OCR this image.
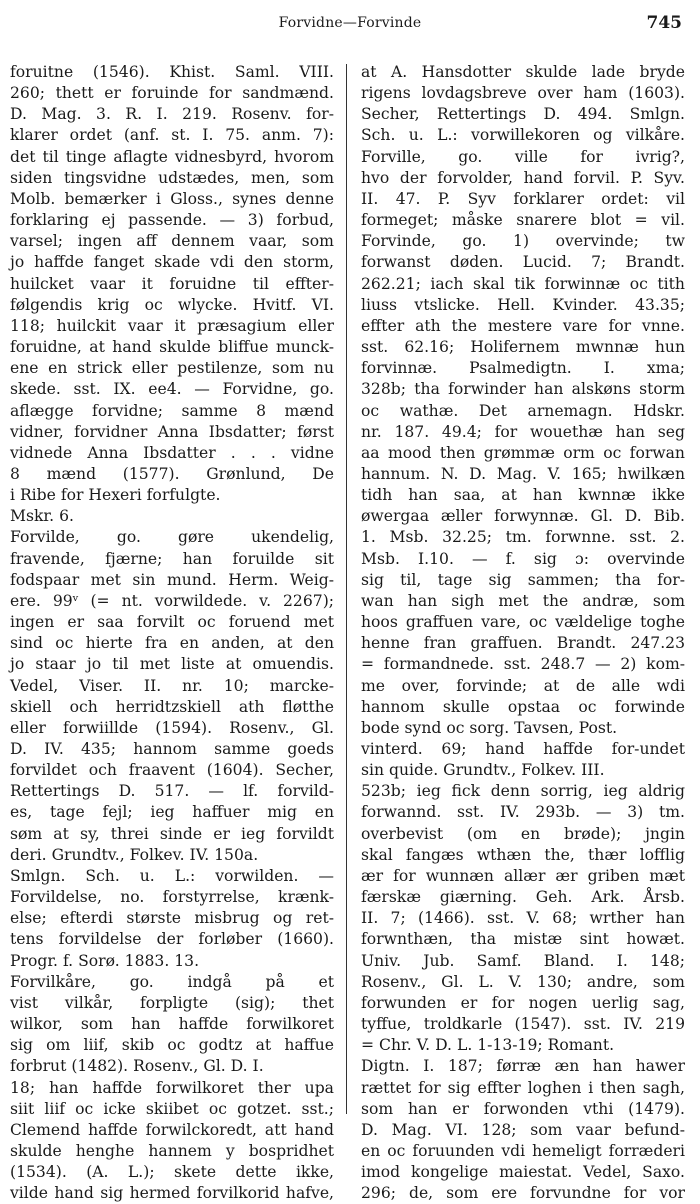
Forvidne—Forvinde	745
foruitne (1546). Khist. Saml. VIII.
260; thett er foruinde for sandmænd.
D. Mag. 3. R. I. 219. Rosenv. for-
klarer ordet (anf. st. I. 75. anm. 7):
det til tinge aflagte vidnesbyrd, hvorom
siden tingsvidne udstædes, men, som
Molb. bemærker i Gloss., synes denne
forklaring ej passende. — 3) forbud,
varsel; ingen aff dennem vaar, som
jo haffde fanget skade vdi den storm,
huilcket vaar it foruidne til effter-
følgendis krig oc wlycke. Hvitf. VI.
118; huilckit vaar it præsagium eller
foruidne, at hand skulde bliffue munck-
ene en strick eller pestilenze, som nu
skede. sst. IX. ee4. — Forvidne, go.
aflægge forvidne; samme 8 mænd
vidner, forvidner Anna Ibsdatter; først
vidnede Anna Ibsdatter . . . vidne
8 mænd (1577). Grønlund, De
i Ribe for Hexeri forfulgte.
Mskr. 6.
Forvilde, go. gøre ukendelig,
fravende, fjærne; han foruilde sit
fodspaar met sin mund. Herm. Weig-
ere. 99ᵛ (= nt. vorwildede. v. 2267);
ingen er saa forvilt oc foruend met
sind oc hierte fra en anden, at den
jo staar jo til met liste at omuendis.
Vedel, Viser. II. nr. 10; marcke-
skiell och herridtzskiell ath fløtthe
eller forwiillde (1594). Rosenv., Gl.
D. IV. 435; hannom samme goeds
forvildet och fraavent (1604). Secher,
Rettertings D. 517. — lf. forvild-
es, tage fejl; ieg haffuer mig en
søm at sy, threi sinde er ieg forvildt
deri. Grundtv., Folkev. IV. 150a.
Smlgn. Sch. u. L.: vorwilden. —
Forvildelse, no. forstyrrelse, krænk-
else; efterdi største misbrug og ret-
tens forvildelse der forløber (1660).
Progr. f. Sorø. 1883. 13.
Forvilkåre, go. indgå på et
vist vilkår, forpligte (sig); thet
wilkor, som han haffde forwilkoret
sig om liif, skib oc godtz at haffue
forbrut (1482). Rosenv., Gl. D. I.
18; han haffde forwilkoret ther upa
siit liif oc icke skiibet oc gotzet. sst.;
Clemend haffde forwilckoredt, att hand
skulde henghe hannem y bospridhet
(1534). (A. L.); skete dette ikke,
vilde hand sig hermed forvilkorid hafve,
at A. Hansdotter skulde lade bryde
rigens lovdagsbreve over ham (1603).
Secher, Rettertings D. 494. Smlgn.
Sch. u. L.: vorwillekoren og vilkåre.
Forville, go. ville for ivrig?,
hvo der forvolder, hand forvil. P. Syv.
II. 47. P. Syv forklarer ordet: vil
formeget; måske snarere blot = vil.
Forvinde, go. 1) overvinde; tw
forwanst døden. Lucid. 7; Brandt.
262.21; iach skal tik forwinnæ oc tith
liuss vtslicke. Hell. Kvinder. 43.35;
effter ath the mestere vare for vnne.
sst. 62.16; Holifernem mwnnæ hun
forvinnæ. Psalmedigtn. I. xma;
328b; tha forwinder han alskøns storm
oc wathæ. Det arnemagn. Hdskr.
nr. 187. 49.4; for wouethæ han seg
aa mood then grømmæ orm oc forwan
hannum. N. D. Mag. V. 165; hwilkæn
tidh han saa, at han kwnnæ ikke
øwergaa æller forwynnæ. Gl. D. Bib.
1. Msb. 32.25; tm. forwnne. sst. 2.
Msb. I.10. — f. sig ɔ: overvinde
sig til, tage sig sammen; tha for-
wan han sigh met the andræ, som
hoos graffuen vare, oc vældelige toghe
henne fran graffuen. Brandt. 247.23
= formandnede. sst. 248.7 — 2) kom-
me over, forvinde; at de alle wdi
hannom skulle opstaa oc forwinde
bode synd oc sorg. Tavsen, Post.
vinterd. 69; hand haffde for-undet
sin quide. Grundtv., Folkev. III.
523b; ieg fick denn sorrig, ieg aldrig
forwannd. sst. IV. 293b. — 3) tm.
overbevist (om en brøde); jngin
skal fangæs wthæn the, thær lofflig
ær for wunnæn allær ær griben mæt
færskæ giærning. Geh. Ark. Årsb.
II. 7; (1466). sst. V. 68; wrther han
forwnthæn, tha mistæ sint howæt.
Univ. Jub. Samf. Bland. I. 148;
Rosenv., Gl. L. V. 130; andre, som
forwunden er for nogen uerlig sag,
tyffue, troldkarle (1547). sst. IV. 219
= Chr. V. D. L. 1-13-19; Romant.
Digtn. I. 187; førræ æn han hawer
rættet for sig effter loghen i then sagh,
som han er forwonden vthi (1479).
D. Mag. VI. 128; som vaar befund-
en oc foruunden vdi hemeligt forræderi
imod kongelige maiestat. Vedel, Saxo.
296; de, som ere forvundne for vor
